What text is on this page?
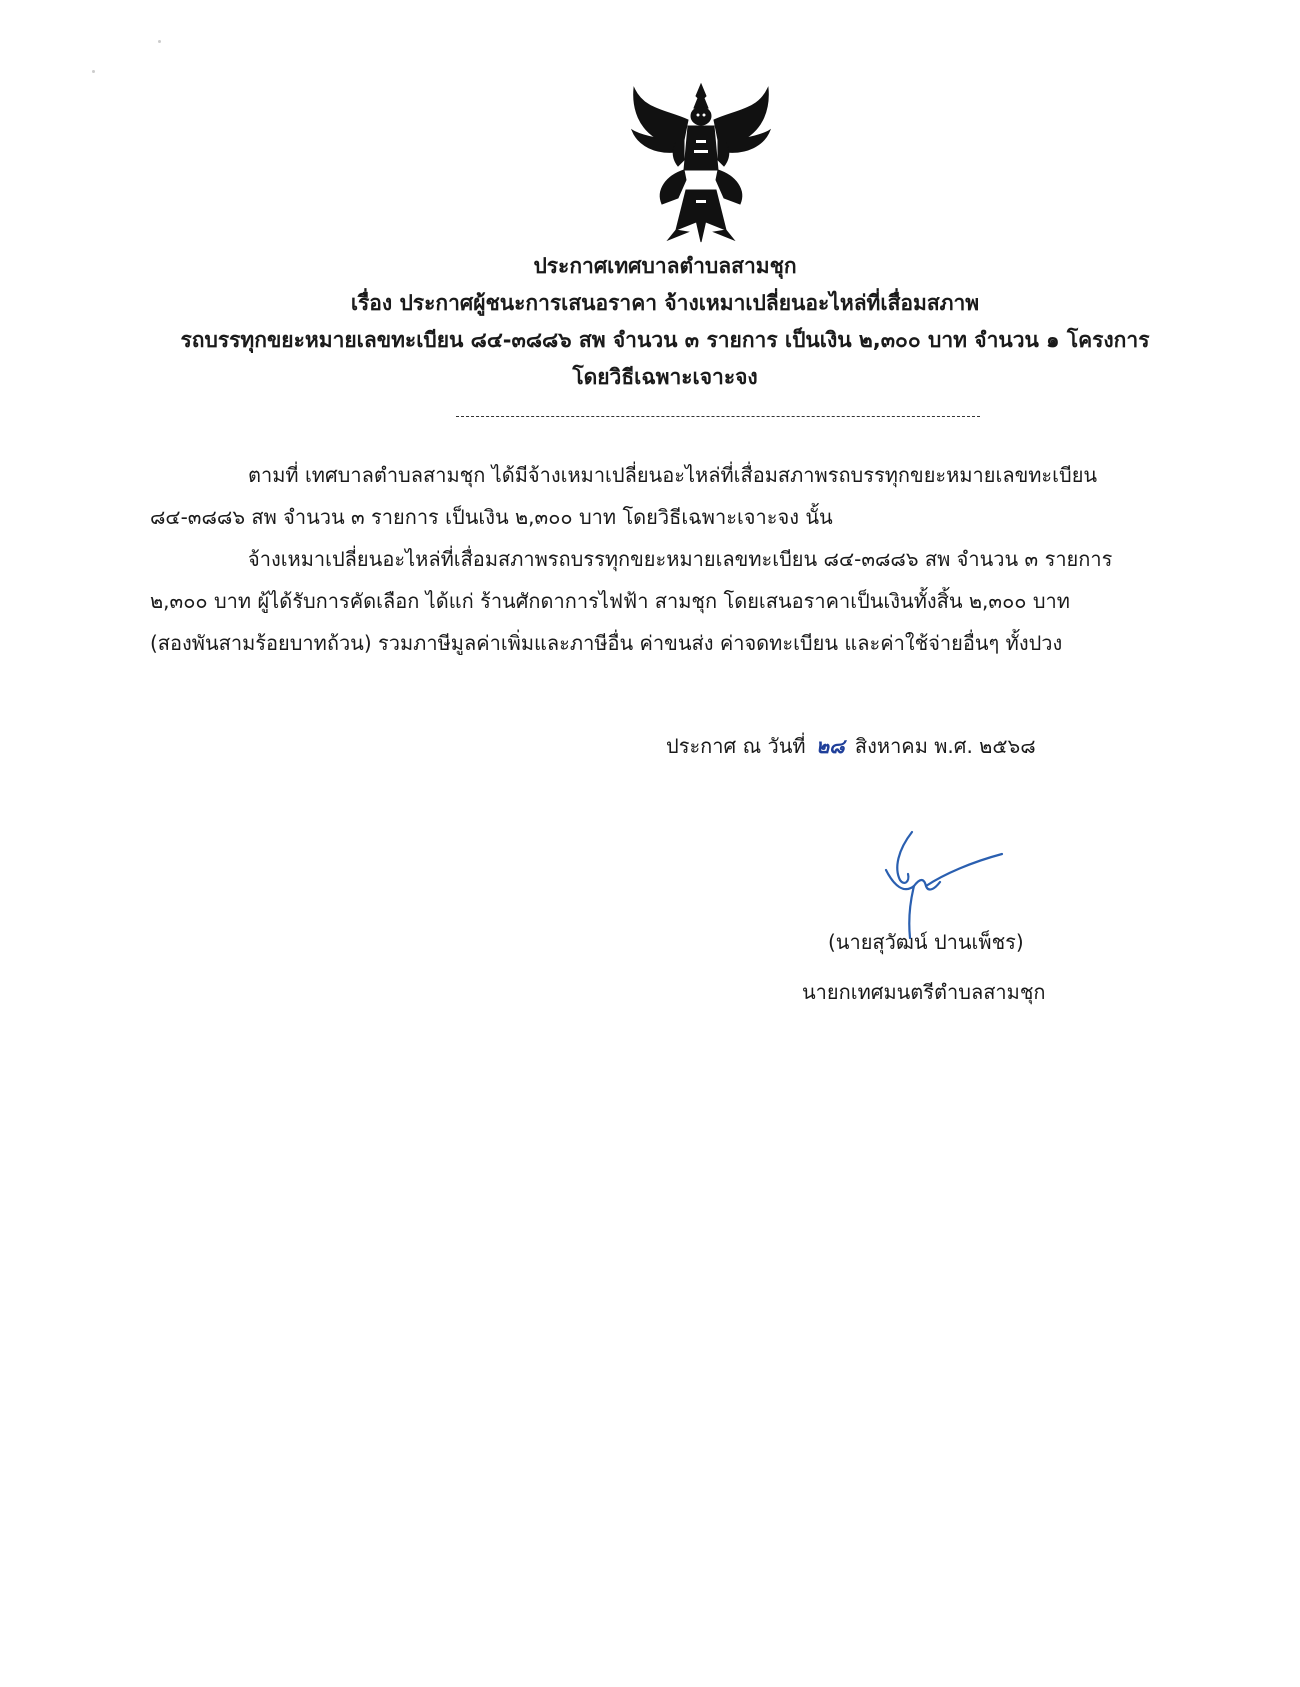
ประกาศเทศบาลตำบลสามชุก
เรื่อง ประกาศผู้ชนะการเสนอราคา จ้างเหมาเปลี่ยนอะไหล่ที่เสื่อมสภาพ
รถบรรทุกขยะหมายเลขทะเบียน ๘๔-๓๘๘๖ สพ จำนวน ๓ รายการ เป็นเงิน ๒,๓๐๐ บาท จำนวน ๑ โครงการ
โดยวิธีเฉพาะเจาะจง
ตามที่ เทศบาลตำบลสามชุก ได้มีจ้างเหมาเปลี่ยนอะไหล่ที่เสื่อมสภาพรถบรรทุกขยะหมายเลขทะเบียน
๘๔-๓๘๘๖ สพ จำนวน ๓ รายการ เป็นเงิน ๒,๓๐๐ บาท โดยวิธีเฉพาะเจาะจง นั้น
จ้างเหมาเปลี่ยนอะไหล่ที่เสื่อมสภาพรถบรรทุกขยะหมายเลขทะเบียน ๘๔-๓๘๘๖ สพ จำนวน ๓ รายการ
๒,๓๐๐ บาท ผู้ได้รับการคัดเลือก ได้แก่ ร้านศักดาการไฟฟ้า สามชุก โดยเสนอราคาเป็นเงินทั้งสิ้น ๒,๓๐๐ บาท
(สองพันสามร้อยบาทถ้วน) รวมภาษีมูลค่าเพิ่มและภาษีอื่น ค่าขนส่ง ค่าจดทะเบียน และค่าใช้จ่ายอื่นๆ ทั้งปวง
ประกาศ ณ วันที่ ๒๘ สิงหาคม พ.ศ. ๒๕๖๘
(นายสุวัฒน์ ปานเพ็ชร)
นายกเทศมนตรีตำบลสามชุก
